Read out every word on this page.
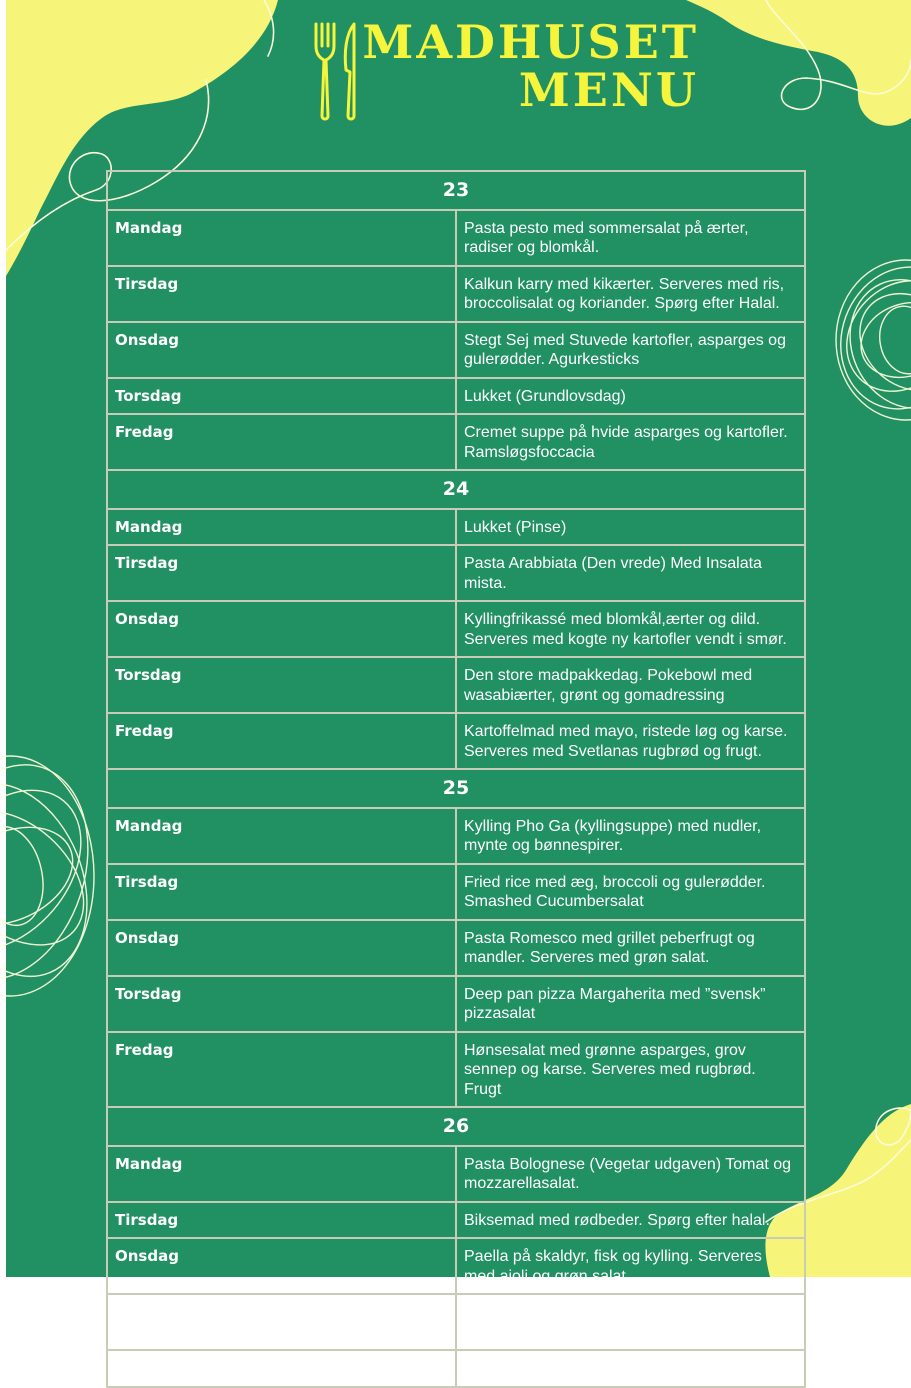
MADHUSET
MENU
23	
Mandag	Pasta pesto med sommersalat på ærter, radiser og blomkål.
Tirsdag	Kalkun karry med kikærter. Serveres med ris, broccolisalat og koriander. Spørg efter Halal.
Onsdag	Stegt Sej med Stuvede kartofler, asparges og gulerødder. Agurkesticks
Torsdag	Lukket (Grundlovsdag)
Fredag	Cremet suppe på hvide asparges og kartofler. Ramsløgsfoccacia
24	
Mandag	Lukket (Pinse)
Tirsdag	Pasta Arabbiata (Den vrede) Med Insalata mista.
Onsdag	Kyllingfrikassé med blomkål,ærter og dild. Serveres med kogte ny kartofler vendt i smør.
Torsdag	Den store madpakkedag. Pokebowl med wasabiærter, grønt og gomadressing
Fredag	Kartoffelmad med mayo, ristede løg og karse. Serveres med Svetlanas rugbrød og frugt.
25	
Mandag	Kylling Pho Ga (kyllingsuppe) med nudler, mynte og bønnespirer.
Tirsdag	Fried rice med æg, broccoli og gulerødder. Smashed Cucumbersalat
Onsdag	Pasta Romesco med grillet peberfrugt og mandler. Serveres med grøn salat.
Torsdag	Deep pan pizza Margaherita med ”svensk” pizzasalat
Fredag	Hønsesalat med grønne asparges, grov sennep og karse. Serveres med rugbrød. Frugt
26	
Mandag	Pasta Bolognese (Vegetar udgaven) Tomat og mozzarellasalat.
Tirsdag	Biksemad med rødbeder. Spørg efter halal.
Onsdag	Paella på skaldyr, fisk og kylling. Serveres med aioli og grøn salat
Torsdag	Æggesalat med Svetlanas rugbrød og grøntsticks
Fredag	Koldskål med jordbær og kammerjunker.
